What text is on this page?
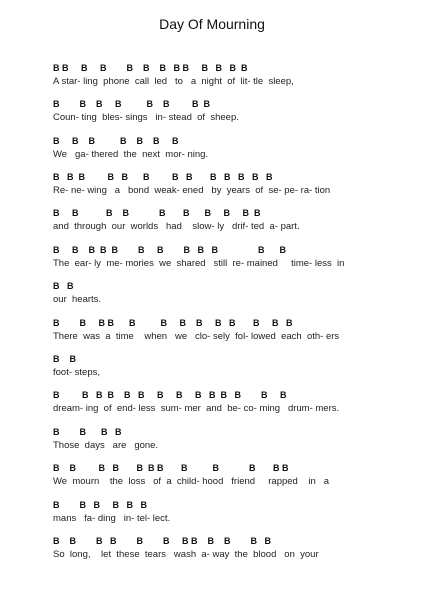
Day Of Mourning
B B     B     B        B    B    B   B B     B   B   B  B
A star- ling  phone  call  led   to   a  night  of  lit- tle  sleep,
B        B    B     B          B    B         B  B
Coun- ting  bles- sings   in- stead  of  sheep.
B     B    B          B    B    B     B
We   ga- thered  the  next  mor- ning.
B   B  B         B   B      B         B   B       B   B   B   B   B
Re- ne- wing   a   bond  weak- ened   by  years  of  se- pe- ra- tion
B     B           B    B            B       B      B     B     B  B
and  through  our  worlds   had    slow- ly   drif- ted  a- part.
B     B    B  B  B        B     B        B   B   B                B      B
The  ear- ly  me- mories  we  shared   still  re- mained     time- less  in
B   B
our  hearts.
B        B     B B      B          B     B    B     B   B       B     B   B
There  was  a  time    when   we   clo- sely  fol- lowed  each  oth- ers
B    B
foot- steps,
B         B   B  B    B   B     B     B     B   B  B   B        B     B
dream- ing  of  end- less  sum- mer  and  be- co- ming   drum- mers.
B        B      B   B
Those  days   are   gone.
B    B         B   B       B  B B       B          B            B       B B
We  mourn    the  loss   of  a  child- hood   friend     rapped    in   a
B        B   B     B   B   B
mans   fa- ding   in- tel- lect.
B    B        B   B        B        B     B B    B    B        B   B
So  long,    let  these  tears   wash  a- way  the  blood   on  your
